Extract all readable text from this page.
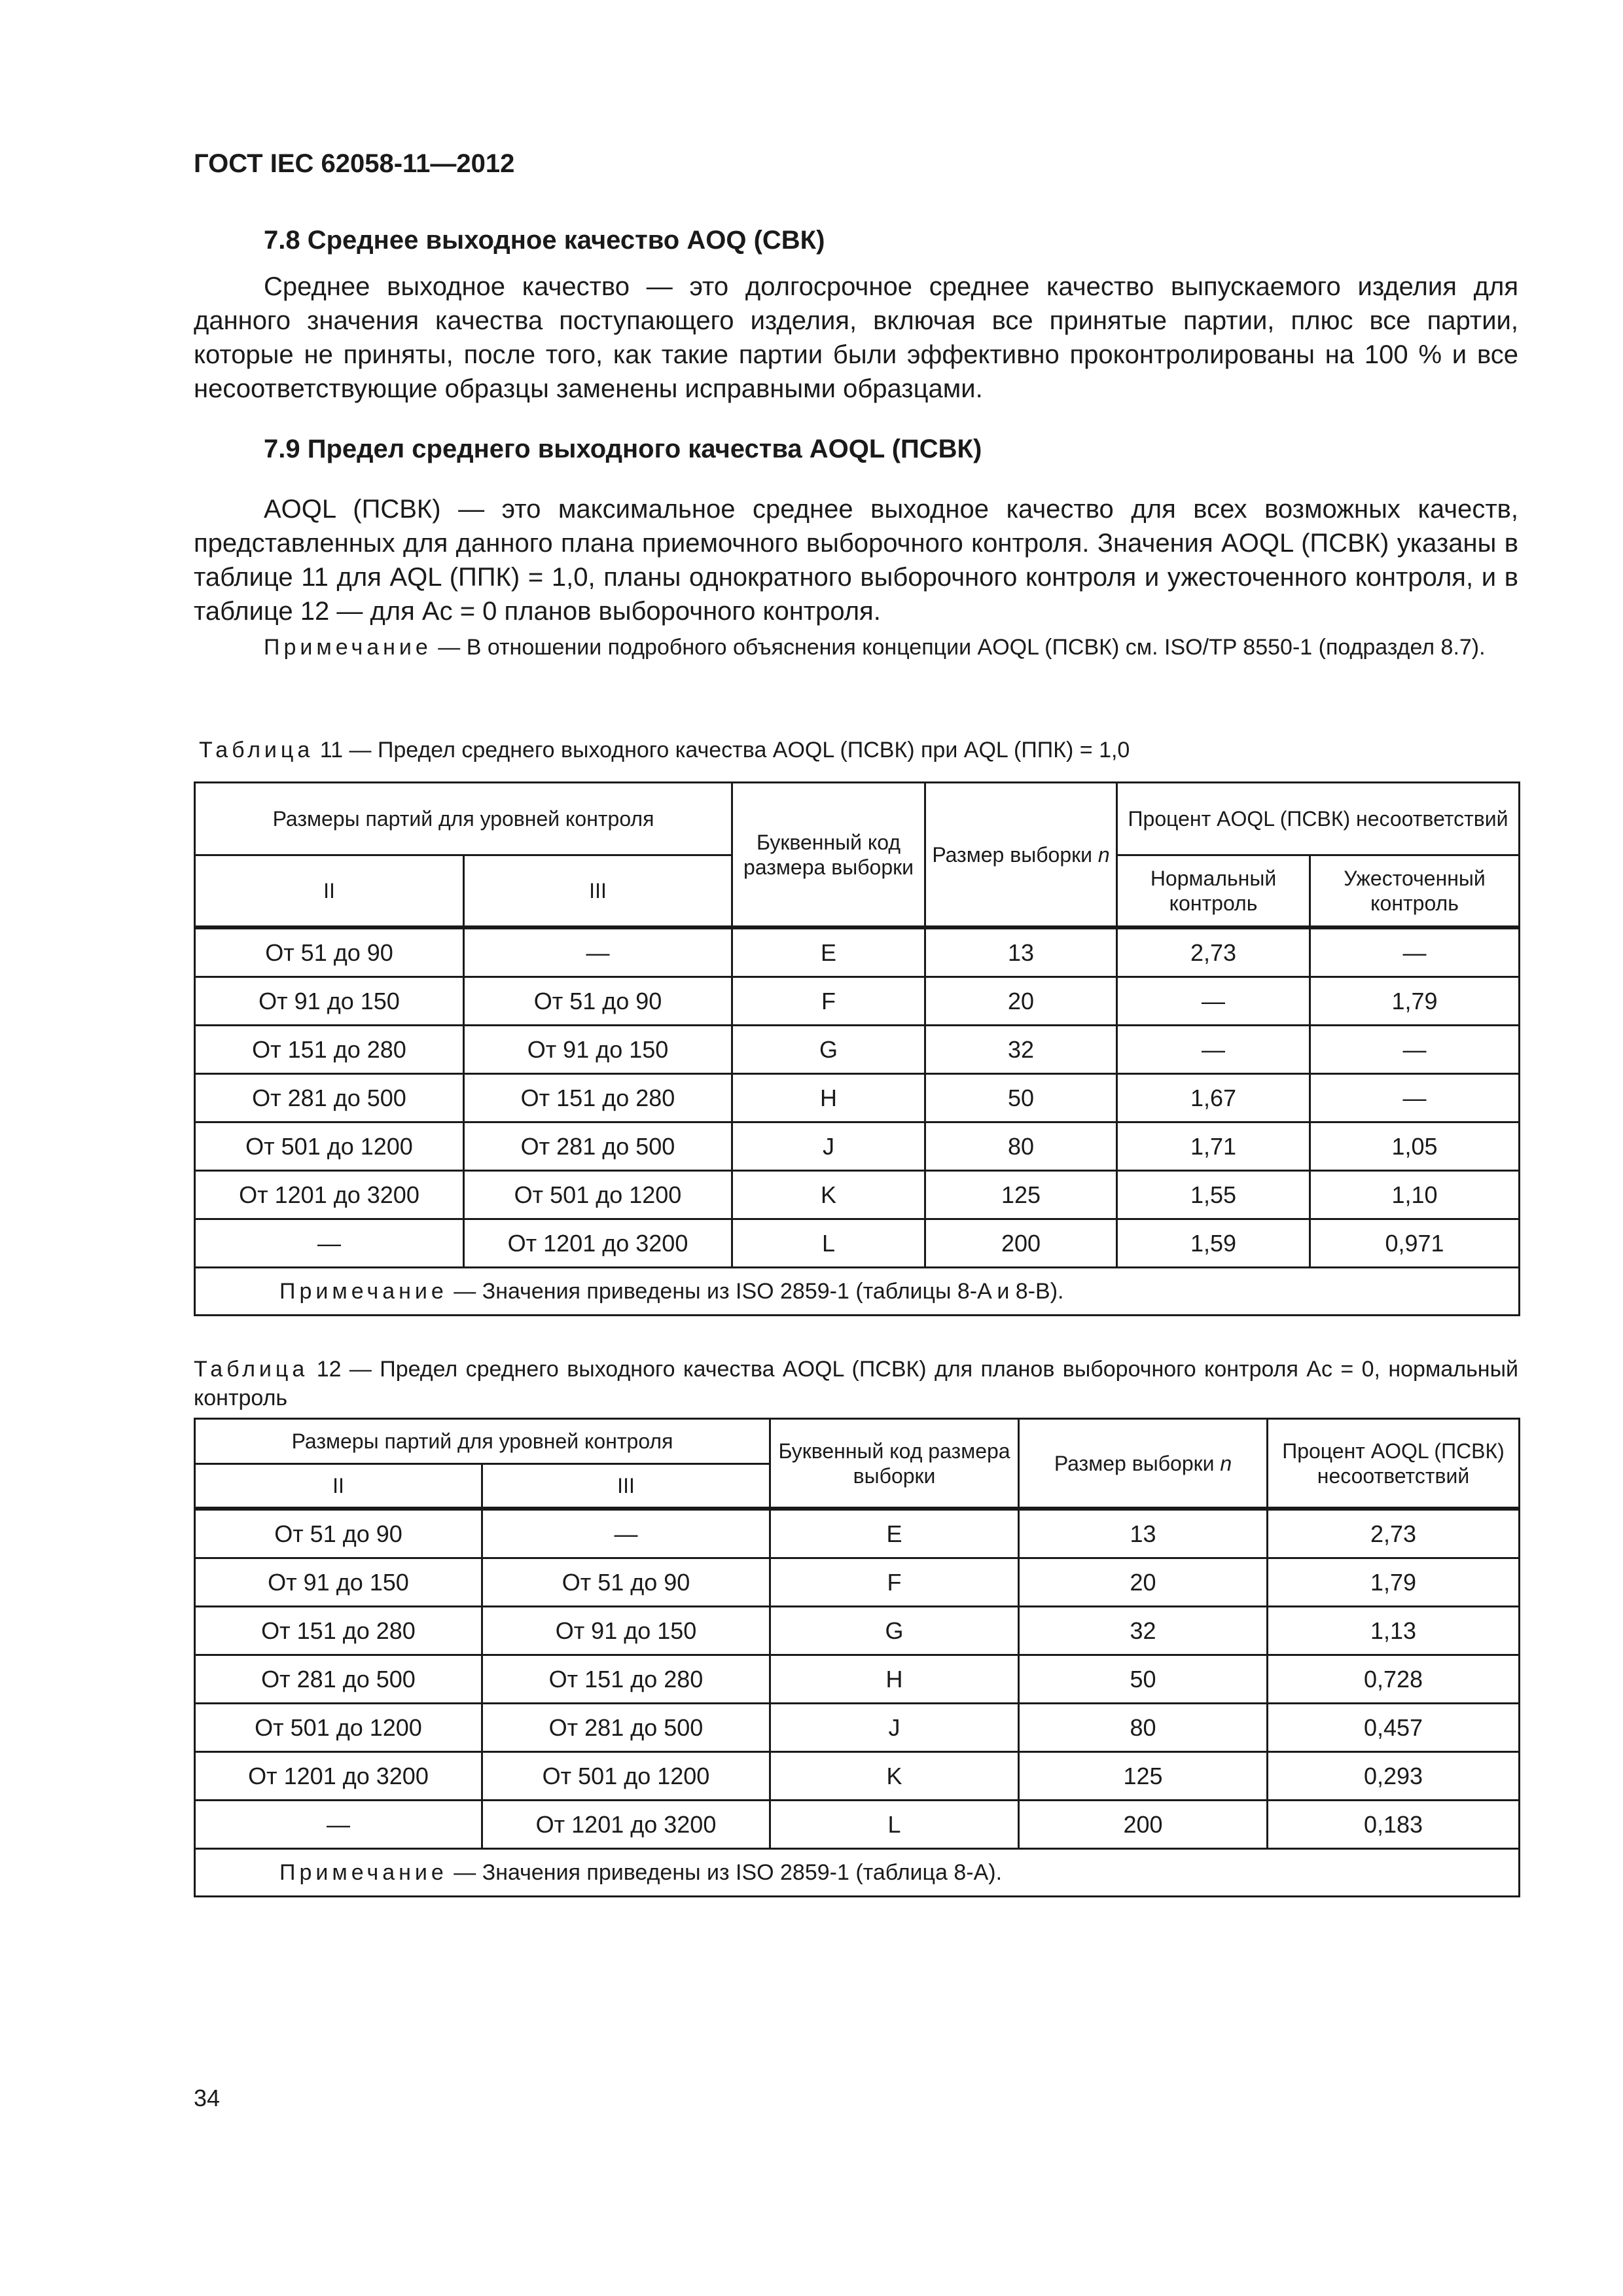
ГОСТ IEC 62058-11—2012
7.8 Среднее выходное качество AOQ (СВК)

Среднее выходное качество — это долгосрочное среднее качество выпускаемого изделия для данного значения качества поступающего изделия, включая все принятые партии, плюс все партии, которые не приняты, после того, как такие партии были эффективно проконтролированы на 100 % и все несоответствующие образцы заменены исправными образцами.

7.9 Предел среднего выходного качества AOQL (ПСВК)

AOQL (ПСВК) — это максимальное среднее выходное качество для всех возможных качеств, представленных для данного плана приемочного выборочного контроля. Значения AOQL (ПСВК) указаны в таблице 11 для AQL (ППК) = 1,0, планы однократного выборочного контроля и ужесточенного контроля, и в таблице 12 — для Ac = 0 планов выборочного контроля.

Примечание — В отношении подробного объяснения концепции AOQL (ПСВК) см. ISO/TP 8550-1 (подраздел 8.7).

Таблица 11 — Предел среднего выходного качества AOQL (ПСВК) при AQL (ППК) = 1,0

Размеры партий для уровней контроля		Буквенный код размера выборки	Размер выборки n	Процент AOQL (ПСВК) несоответствий	
II	III			Нормальный контроль	Ужесточенный контроль
От 51 до 90	—	E	13	2,73	—
От 91 до 150	От 51 до 90	F	20	—	1,79
От 151 до 280	От 91 до 150	G	32	—	—
От 281 до 500	От 151 до 280	H	50	1,67	—
От 501 до 1200	От 281 до 500	J	80	1,71	1,05
От 1201 до 3200	От 501 до 1200	K	125	1,55	1,10
—	От 1201 до 3200	L	200	1,59	0,971
Примечание — Значения приведены из ISO 2859-1 (таблицы 8-A и 8-B).					

Таблица 12 — Предел среднего выходного качества AOQL (ПСВК) для планов выборочного контроля Ac = 0, нормальный контроль

Размеры партий для уровней контроля		Буквенный код размера выборки	Размер выборки n	Процент AOQL (ПСВК) несоответствий
II	III			
От 51 до 90	—	E	13	2,73
От 91 до 150	От 51 до 90	F	20	1,79
От 151 до 280	От 91 до 150	G	32	1,13
От 281 до 500	От 151 до 280	H	50	0,728
От 501 до 1200	От 281 до 500	J	80	0,457
От 1201 до 3200	От 501 до 1200	K	125	0,293
—	От 1201 до 3200	L	200	0,183
Примечание — Значения приведены из ISO 2859-1 (таблица 8-A).				
34
